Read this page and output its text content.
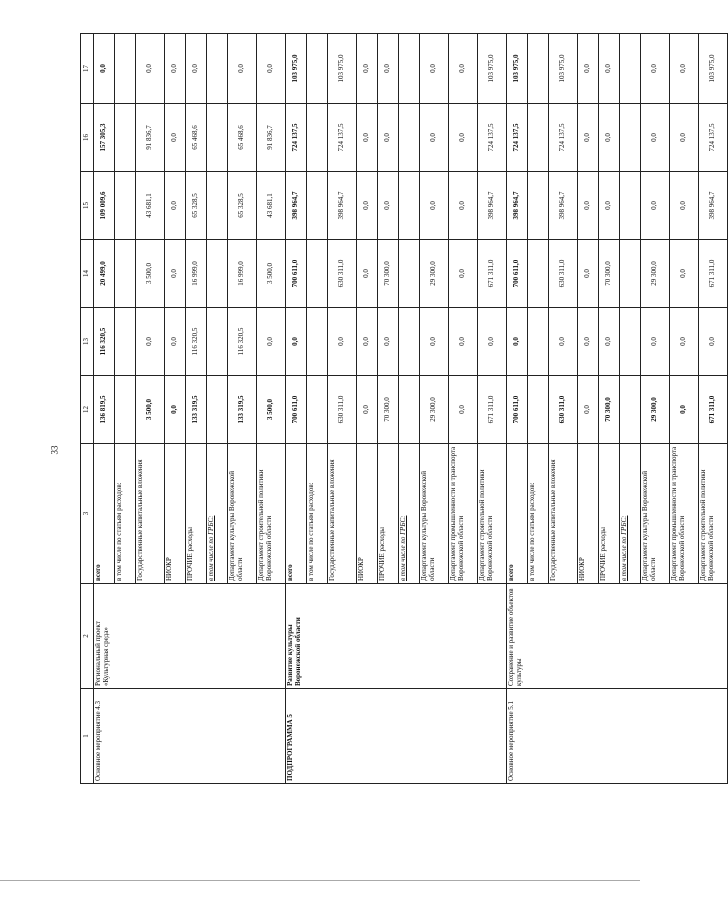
33
1	2	3	12	13	14	15	16	17
Основное мероприятие 4.3	Региональный проект «Культурная среда»	всего	136 819,5	116 320,5	20 499,0	109 009,6	157 305,3	0,0
		в том числе по статьям расходов:						
		Государственные капитальные вложения	3 500,0	0,0	3 500,0	43 681,1	91 836,7	0,0
		НИОКР	0,0	0,0	0,0	0,0	0,0	0,0
		ПРОЧИЕ расходы	133 319,5	116 320,5	16 999,0	65 328,5	65 468,6	0,0
		в том числе по ГРБС:						
		Департамент культуры Воронежской области	133 319,5	116 320,5	16 999,0	65 328,5	65 468,6	0,0
		Департамент строительной политики Воронежской области	3 500,0	0,0	3 500,0	43 681,1	91 836,7	0,0
ПОДПРОГРАММА 5	Развитие культуры Воронежской области	всего	700 611,0	0,0	700 611,0	398 964,7	724 137,5	103 975,0
		в том числе по статьям расходов:						
		Государственные капитальные вложения	630 311,0	0,0	630 311,0	398 964,7	724 137,5	103 975,0
		НИОКР	0,0	0,0	0,0	0,0	0,0	0,0
		ПРОЧИЕ расходы	70 300,0	0,0	70 300,0	0,0	0,0	0,0
		в том числе по ГРБС:						
		Департамент культуры Воронежской области	29 300,0	0,0	29 300,0	0,0	0,0	0,0
		Департамент промышленности и транспорта Воронежской области	0,0	0,0	0,0	0,0	0,0	0,0
		Департамент строительной политики Воронежской области	671 311,0	0,0	671 311,0	398 964,7	724 137,5	103 975,0
Основное мероприятие 5.1	Сохранение и развитие объектов культуры	всего	700 611,0	0,0	700 611,0	398 964,7	724 137,5	103 975,0
		в том числе по статьям расходов:						
		Государственные капитальные вложения	630 311,0	0,0	630 311,0	398 964,7	724 137,5	103 975,0
		НИОКР	0,0	0,0	0,0	0,0	0,0	0,0
		ПРОЧИЕ расходы	70 300,0	0,0	70 300,0	0,0	0,0	0,0
		в том числе по ГРБС:						
		Департамент культуры Воронежской области	29 300,0	0,0	29 300,0	0,0	0,0	0,0
		Департамент промышленности и транспорта Воронежской области	0,0	0,0	0,0	0,0	0,0	0,0
		Департамент строительной политики Воронежской области	671 311,0	0,0	671 311,0	398 964,7	724 137,5	103 975,0
